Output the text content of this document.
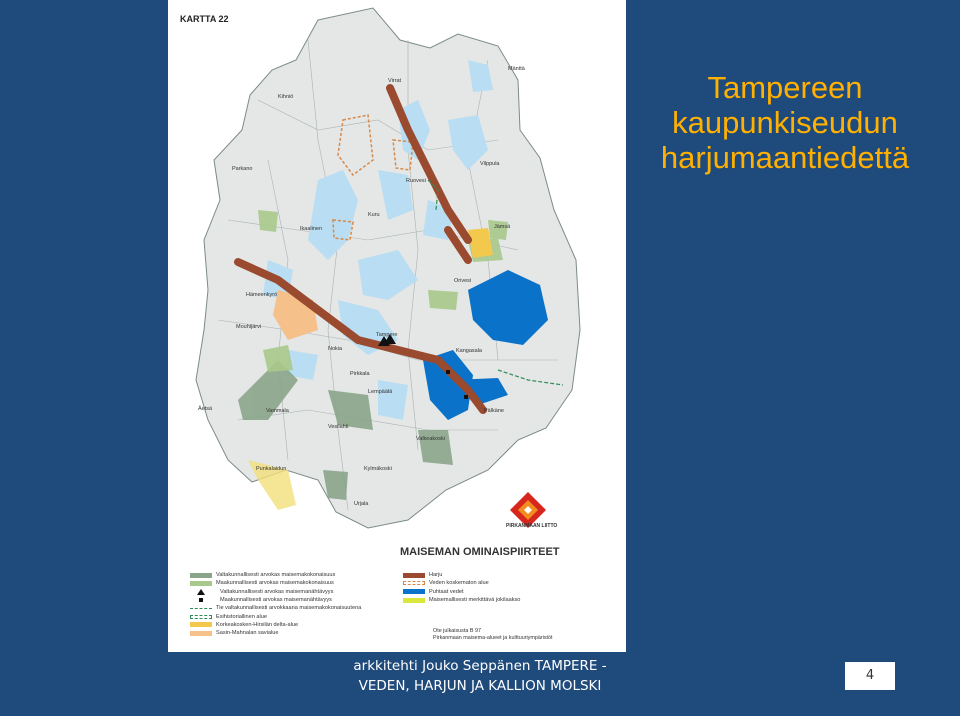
Virrat
Kihniö
Mänttä
Parkano
Vilppula
Ruovesi
Ikaalinen
Kuru
Jämsä
Hämeenkyrö
Orivesi
Mouhijärvi
Kangasala
Nokia
Tampere
Pirkkala
Lempäälä
Vammala	Pälkäne
Vesilahti
Valkeakoski
Punkalaidun	Kylmäkoski
Urjala
Äetsä
KARTTA 22
PIRKANMAAN LIITTO
MAISEMAN OMINAISPIIRTEET
Valtakunnallisesti arvokas maisemakokonaisuus
Maakunnallisesti arvokas maisemakokonaisuus
Valtakunnallisesti arvokas maisemanähtävyys
Maakunnallisesti arvokas maisemanähtävyys
Tie valtakunnallisesti arvokkaana maisemakokonaisuutena
Esihistoriallinen alue
Korkeakosken-Hirsilän delta-alue
Sasin-Mahnalan savialue
Harju
Veden koskematon alue
Puhtaat vedet
Maisemallisesti merkittävä jokilaakso
Ote julkaisusta B 97
Pirkanmaan maisema-alueet ja kulttuuriympäristöt
Tampereen
kaupunkiseudun
harjumaantiedettä
arkkitehti Jouko Seppänen TAMPERE -
VEDEN, HARJUN JA KALLION MOLSKI
4
